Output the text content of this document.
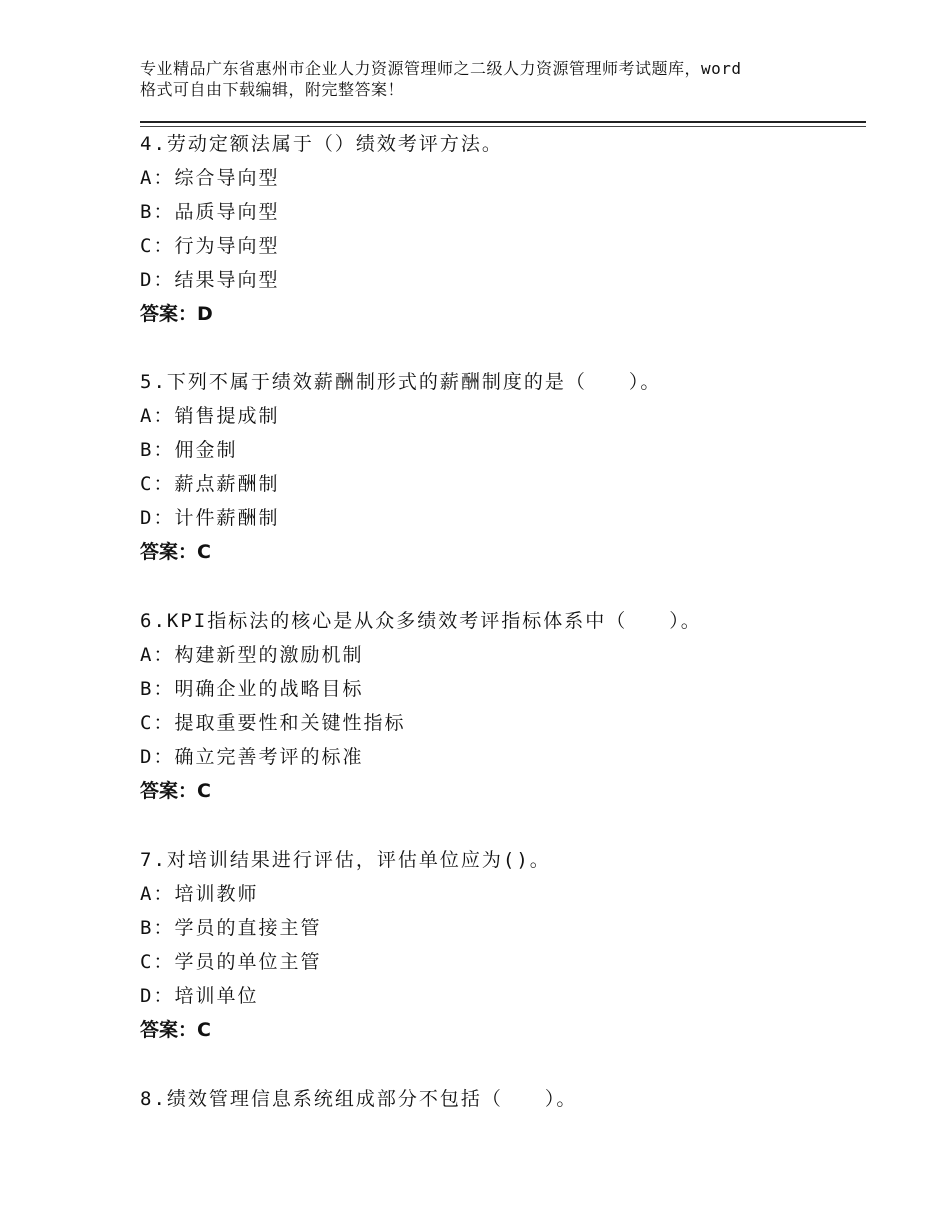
专业精品广东省惠州市企业人力资源管理师之二级人力资源管理师考试题库，word
格式可自由下载编辑，附完整答案！
4.劳动定额法属于（）绩效考评方法。
A：综合导向型
B：品质导向型
C：行为导向型
D：结果导向型
答案：D
5.下列不属于绩效薪酬制形式的薪酬制度的是（　　）。
A：销售提成制
B：佣金制
C：薪点薪酬制
D：计件薪酬制
答案：C
6.KPI指标法的核心是从众多绩效考评指标体系中（　　）。
A：构建新型的激励机制
B：明确企业的战略目标
C：提取重要性和关键性指标
D：确立完善考评的标准
答案：C
7.对培训结果进行评估，评估单位应为()。
A：培训教师
B：学员的直接主管
C：学员的单位主管
D：培训单位
答案：C
8.绩效管理信息系统组成部分不包括（　　）。
